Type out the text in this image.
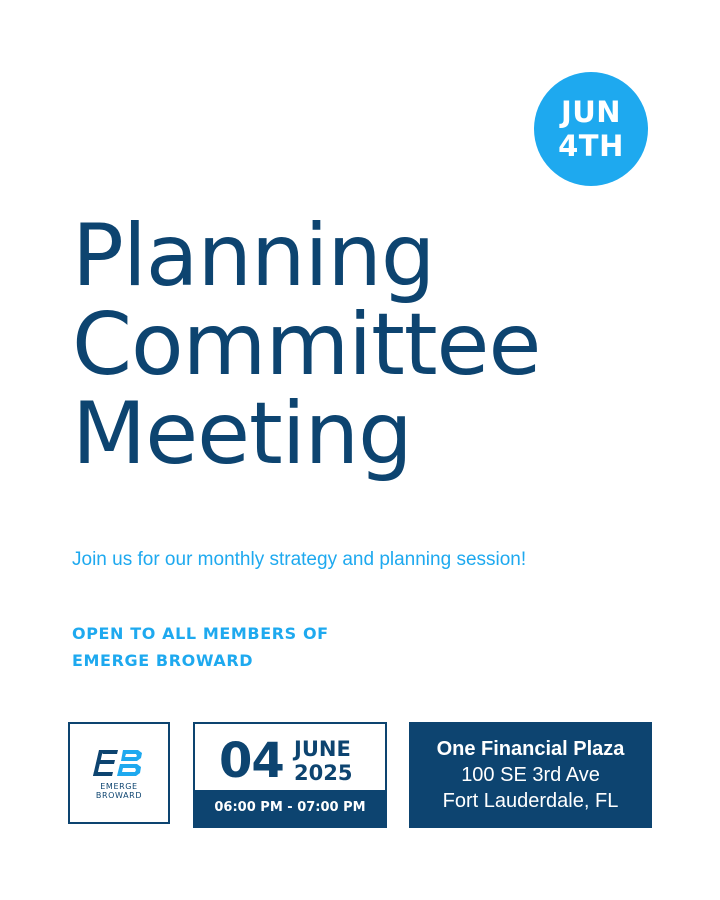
JUN
4TH
Planning
Committee
Meeting
Join us for our monthly strategy and planning session!
OPEN TO ALL MEMBERS OF
EMERGE BROWARD
EMERGE
BROWARD
04 JUNE
2025
06:00 PM - 07:00 PM
One Financial Plaza
100 SE 3rd Ave
Fort Lauderdale, FL
